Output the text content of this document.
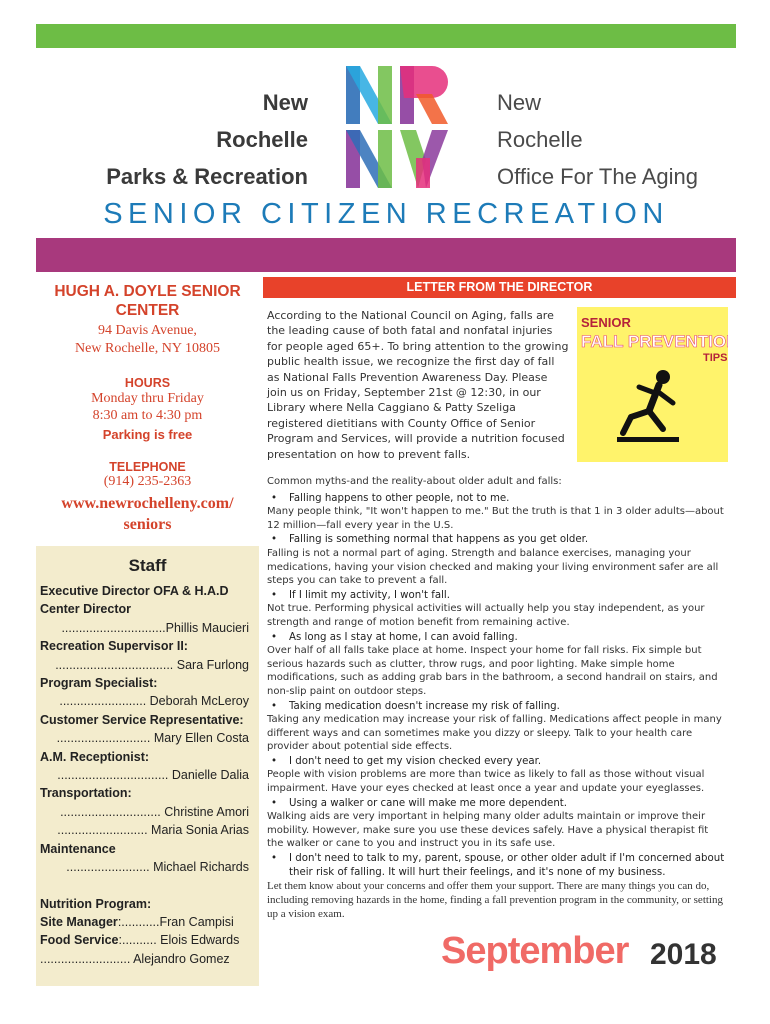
New
Rochelle
Parks & Recreation
New
Rochelle
Office For The Aging
SENIOR CITIZEN RECREATION
HUGH A. DOYLE SENIOR
CENTER
94 Davis Avenue,
New Rochelle, NY 10805
HOURS
Monday thru Friday
8:30 am to 4:30 pm
Parking is free
TELEPHONE
(914) 235-2363
www.newrochelleny.com/
seniors
Staff
Executive Director OFA & H.A.D Center Director
..............................Phillis Maucieri
Recreation Supervisor II:
.................................. Sara Furlong
Program Specialist:
......................... Deborah McLeroy
Customer Service Representative:
........................... Mary Ellen Costa
A.M. Receptionist:
................................ Danielle Dalia
Transportation:
............................. Christine Amori
.......................... Maria Sonia Arias
Maintenance
........................ Michael Richards
Nutrition Program:
Site Manager:...........Fran Campisi
Food Service:.......... Elois Edwards
.......................... Alejandro Gomez
LETTER FROM THE DIRECTOR
According to the National Council on Aging, falls are the leading cause of both fatal and nonfatal injuries for people aged 65+. To bring attention to the growing public health issue, we recognize the first day of fall as National Falls Prevention Awareness Day. Please join us on Friday, September 21st @ 12:30, in our Library where Nella Caggiano & Patty Szeliga registered dietitians with County Office of Senior Program and Services, will provide a nutrition focused presentation on how to prevent falls.
SENIOR
FALL PREVENTION
TIPS
Common myths-and the reality-about older adult and falls:
• Falling happens to other people, not to me.
Many people think, "It won't happen to me." But the truth is that 1 in 3 older adults—about 12 million—fall every year in the U.S.
• Falling is something normal that happens as you get older.
Falling is not a normal part of aging. Strength and balance exercises, managing your medications, having your vision checked and making your living environment safer are all steps you can take to prevent a fall.
• If I limit my activity, I won't fall.
Not true. Performing physical activities will actually help you stay independent, as your strength and range of motion benefit from remaining active.
• As long as I stay at home, I can avoid falling.
Over half of all falls take place at home. Inspect your home for fall risks. Fix simple but serious hazards such as clutter, throw rugs, and poor lighting. Make simple home modifications, such as adding grab bars in the bathroom, a second handrail on stairs, and non-slip paint on outdoor steps.
• Taking medication doesn't increase my risk of falling.
Taking any medication may increase your risk of falling. Medications affect people in many different ways and can sometimes make you dizzy or sleepy. Talk to your health care provider about potential side effects.
• I don't need to get my vision checked every year.
People with vision problems are more than twice as likely to fall as those without visual impairment. Have your eyes checked at least once a year and update your eyeglasses.
• Using a walker or cane will make me more dependent.
Walking aids are very important in helping many older adults maintain or improve their mobility. However, make sure you use these devices safely. Have a physical therapist fit the walker or cane to you and instruct you in its safe use.
• I don't need to talk to my, parent, spouse, or other older adult if I'm concerned about their risk of falling. It will hurt their feelings, and it's none of my business.
Let them know about your concerns and offer them your support. There are many things you can do, including removing hazards in the home, finding a fall prevention program in the community, or setting up a vision exam.
September 2018
